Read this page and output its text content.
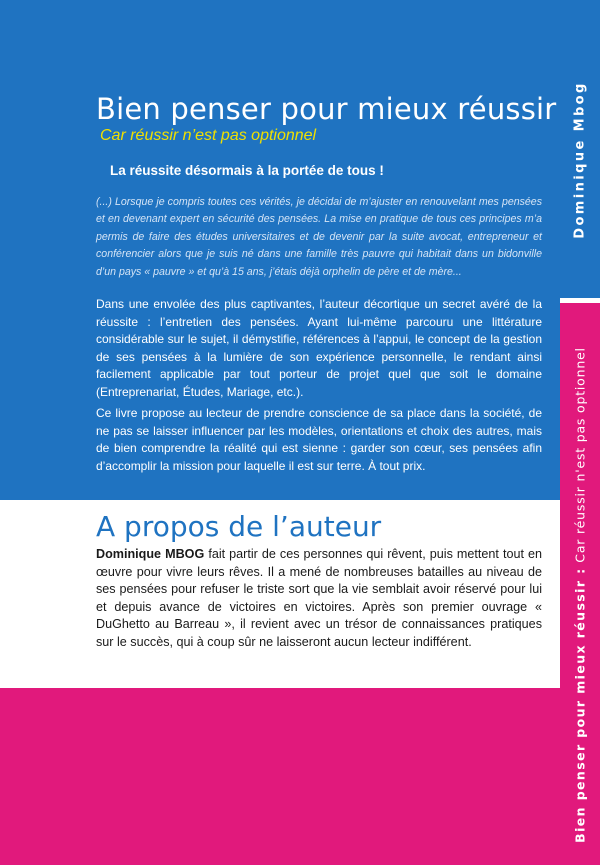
Dominique Mbog
Bien penser pour mieux réussir : Car réussir n'est pas optionnel
Bien penser pour mieux réussir

Car réussir n’est pas optionnel

La réussite désormais à la portée de tous !

(...) Lorsque je compris toutes ces vérités, je décidai de m’ajuster en renouvelant mes pensées et en devenant expert en sécurité des pensées. La mise en pratique de tous ces principes m’a permis de faire des études universitaires et de devenir par la suite avocat, entrepreneur et conférencier alors que je suis né dans une famille très pauvre qui habitait dans un bidonville d’un pays « pauvre » et qu’à 15 ans, j’étais déjà orphelin de père et de mère...

Dans une envolée des plus captivantes, l’auteur décortique un secret avéré de la réussite : l’entretien des pensées. Ayant lui-même parcouru une littérature considérable sur le sujet, il démystifie, références à l’appui, le concept de la gestion de ses pensées à la lumière de son expérience personnelle, le rendant ainsi facilement applicable par tout porteur de projet quel que soit le domaine (Entreprenariat, Études, Mariage, etc.).

Ce livre propose au lecteur de prendre conscience de sa place dans la société, de ne pas se laisser influencer par les modèles, orientations et choix des autres, mais de bien comprendre la réalité qui est sienne : garder son cœur, ses pensées afin d’accomplir la mission pour laquelle il est sur terre. À tout prix.

A propos de l’auteur

Dominique MBOG fait partir de ces personnes qui rêvent, puis mettent tout en œuvre pour vivre leurs rêves. Il a mené de nombreuses batailles au niveau de ses pensées pour refuser le triste sort que la vie semblait avoir réservé pour lui et depuis avance de victoires en victoires. Après son premier ouvrage « DuGhetto au Barreau », il revient avec un trésor de connaissances pratiques sur le succès, qui à coup sûr ne laisseront aucun lecteur indifférent.
